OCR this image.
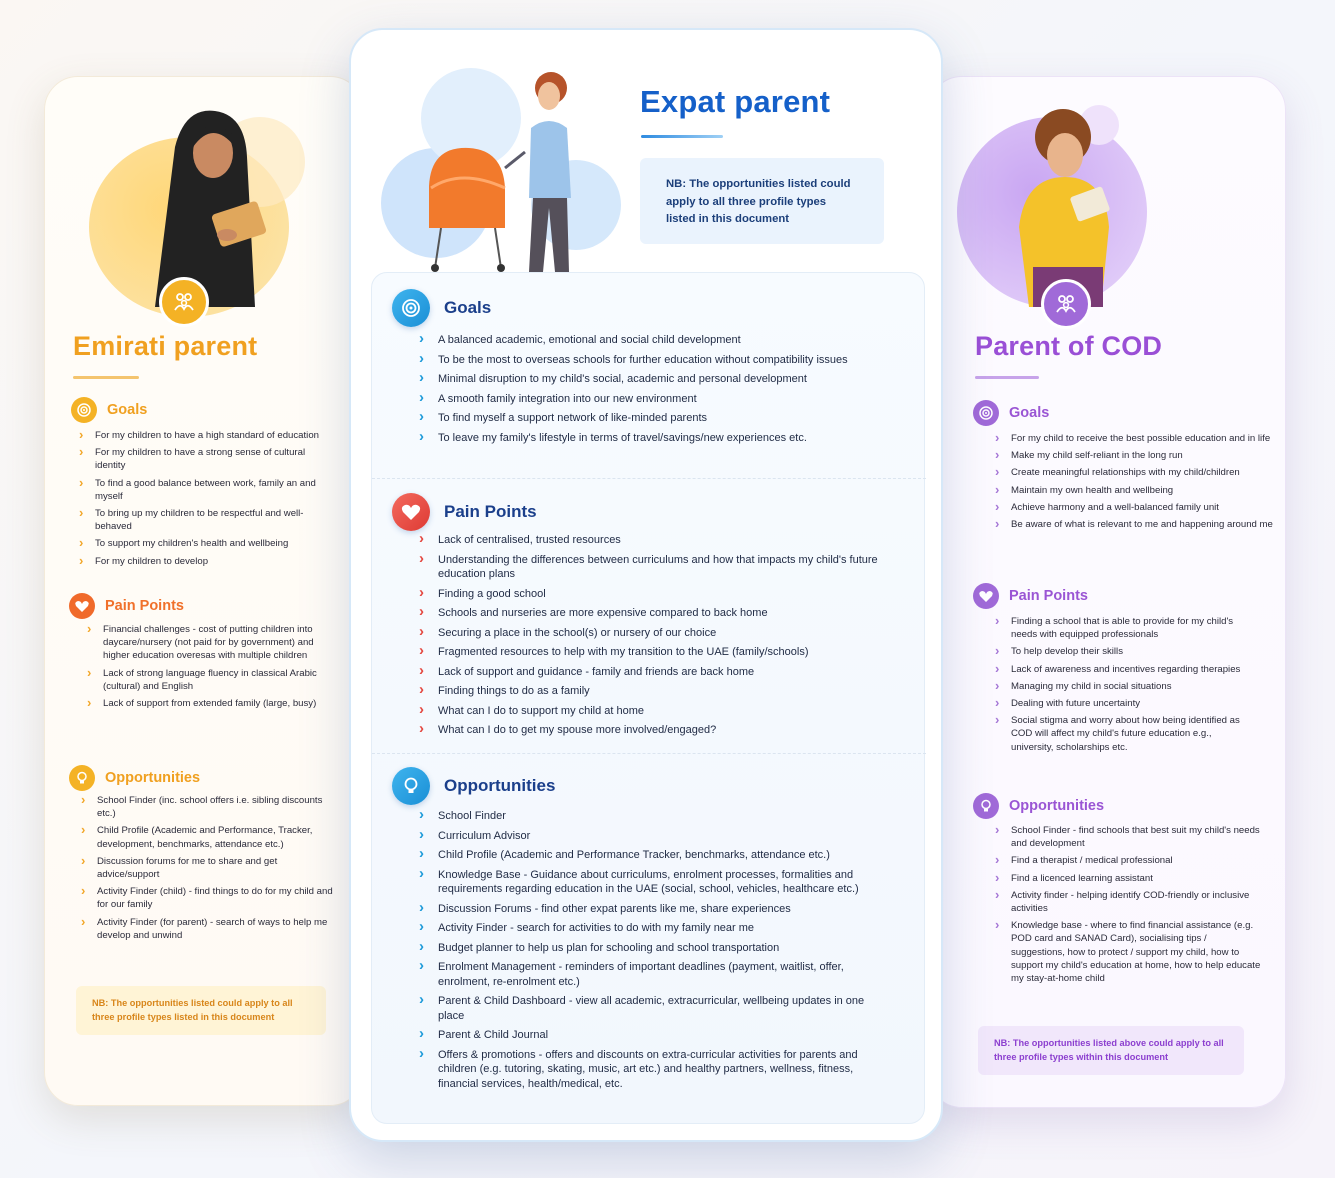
Emirati parent
Goals
› For my children to have a high standard of education
› For my children to have a strong sense of cultural identity
› To find a good balance between work, family an and myself
› To bring up my children to be respectful and well-behaved
› To support my children's health and wellbeing
› For my children to develop
Pain Points
› Financial challenges - cost of putting children into daycare/nursery (not paid for by government) and higher education overesas with multiple children
› Lack of strong language fluency in classical Arabic (cultural) and English
› Lack of support from extended family (large, busy)
Opportunities
› School Finder (inc. school offers i.e. sibling discounts etc.)
› Child Profile (Academic and Performance, Tracker, development, benchmarks, attendance etc.)
› Discussion forums for me to share and get advice/support
› Activity Finder (child) - find things to do for my child and for our family
› Activity Finder (for parent) - search of ways to help me develop and unwind
NB: The opportunities listed could apply to all three profile types listed in this document
Parent of COD
Goals
› For my child to receive the best possible education and in life
› Make my child self-reliant in the long run
› Create meaningful relationships with my child/children
› Maintain my own health and wellbeing
› Achieve harmony and a well-balanced family unit
› Be aware of what is relevant to me and happening around me
Pain Points
› Finding a school that is able to provide for my child's needs with equipped professionals
› To help develop their skills
› Lack of awareness and incentives regarding therapies
› Managing my child in social situations
› Dealing with future uncertainty
› Social stigma and worry about how being identified as COD will affect my child's future education e.g., university, scholarships etc.
Opportunities
› School Finder - find schools that best suit my child's needs and development
› Find a therapist / medical professional
› Find a licenced learning assistant
› Activity finder - helping identify COD-friendly or inclusive activities
› Knowledge base - where to find financial assistance (e.g. POD card and SANAD Card), socialising tips / suggestions, how to protect / support my child, how to support my child's education at home, how to help educate my stay-at-home child
NB: The opportunities listed above could apply to all three profile types within this document
Expat parent
NB: The opportunities listed could apply to all three profile types listed in this document
Goals
› A balanced academic, emotional and social child development
› To be the most to overseas schools for further education without compatibility issues
› Minimal disruption to my child's social, academic and personal development
› A smooth family integration into our new environment
› To find myself a support network of like-minded parents
› To leave my family's lifestyle in terms of travel/savings/new experiences etc.
Pain Points
› Lack of centralised, trusted resources
› Understanding the differences between curriculums and how that impacts my child's future education plans
› Finding a good school
› Schools and nurseries are more expensive compared to back home
› Securing a place in the school(s) or nursery of our choice
› Fragmented resources to help with my transition to the UAE (family/schools)
› Lack of support and guidance - family and friends are back home
› Finding things to do as a family
› What can I do to support my child at home
› What can I do to get my spouse more involved/engaged?
Opportunities
› School Finder
› Curriculum Advisor
› Child Profile (Academic and Performance Tracker, benchmarks, attendance etc.)
› Knowledge Base - Guidance about curriculums, enrolment processes, formalities and requirements regarding education in the UAE (social, school, vehicles, healthcare etc.)
› Discussion Forums - find other expat parents like me, share experiences
› Activity Finder - search for activities to do with my family near me
› Budget planner to help us plan for schooling and school transportation
› Enrolment Management - reminders of important deadlines (payment, waitlist, offer, enrolment, re-enrolment etc.)
› Parent & Child Dashboard - view all academic, extracurricular, wellbeing updates in one place
› Parent & Child Journal
› Offers & promotions - offers and discounts on extra-curricular activities for parents and children (e.g. tutoring, skating, music, art etc.) and healthy partners, wellness, fitness, financial services, health/medical, etc.
